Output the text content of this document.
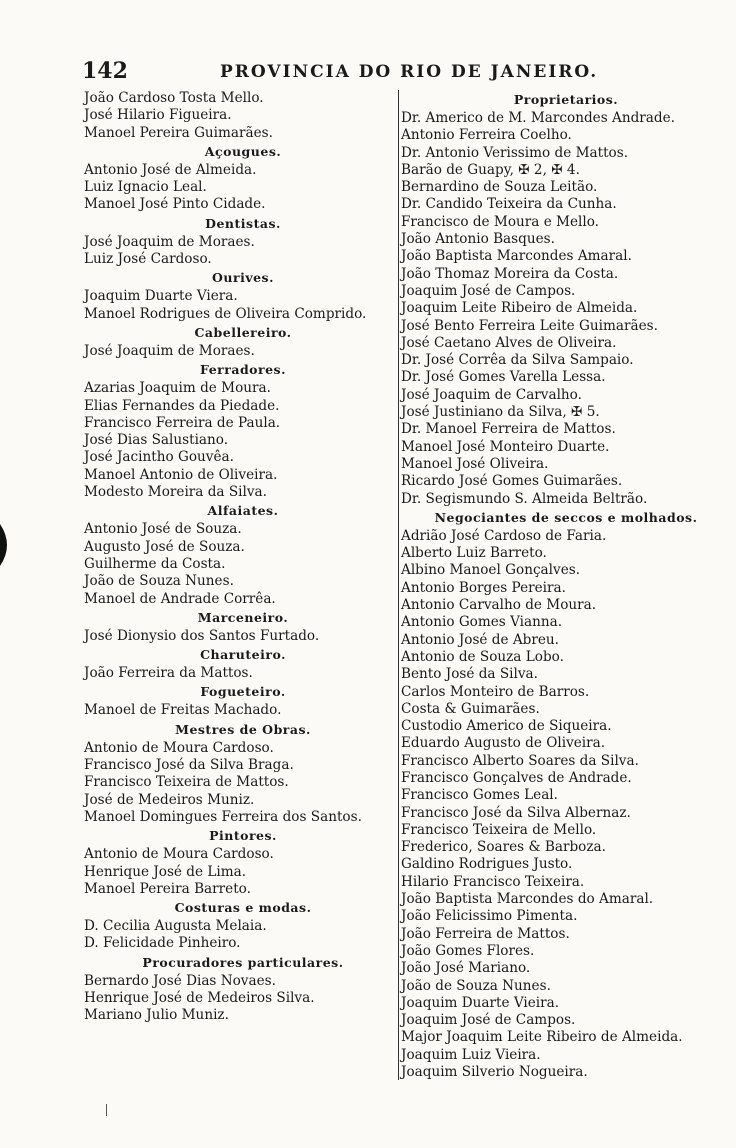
142	PROVINCIA DO RIO DE JANEIRO.
João Cardoso Tosta Mello.
José Hilario Figueira.
Manoel Pereira Guimarães.
Açougues.
Antonio José de Almeida.
Luiz Ignacio Leal.
Manoel José Pinto Cidade.
Dentistas.
José Joaquim de Moraes.
Luiz José Cardoso.
Ourives.
Joaquim Duarte Viera.
Manoel Rodrigues de Oliveira Comprido.
Cabellereiro.
José Joaquim de Moraes.
Ferradores.
Azarias Joaquim de Moura.
Elias Fernandes da Piedade.
Francisco Ferreira de Paula.
José Dias Salustiano.
José Jacintho Gouvêa.
Manoel Antonio de Oliveira.
Modesto Moreira da Silva.
Alfaiates.
Antonio José de Souza.
Augusto José de Souza.
Guilherme da Costa.
João de Souza Nunes.
Manoel de Andrade Corrêa.
Marceneiro.
José Dionysio dos Santos Furtado.
Charuteiro.
João Ferreira da Mattos.
Fogueteiro.
Manoel de Freitas Machado.
Mestres de Obras.
Antonio de Moura Cardoso.
Francisco José da Silva Braga.
Francisco Teixeira de Mattos.
José de Medeiros Muniz.
Manoel Domingues Ferreira dos Santos.
Pintores.
Antonio de Moura Cardoso.
Henrique José de Lima.
Manoel Pereira Barreto.
Costuras e modas.
D. Cecilia Augusta Melaia.
D. Felicidade Pinheiro.
Procuradores particulares.
Bernardo José Dias Novaes.
Henrique José de Medeiros Silva.
Mariano Julio Muniz.
Proprietarios.
Dr. Americo de M. Marcondes Andrade.
Antonio Ferreira Coelho.
Dr. Antonio Verissimo de Mattos.
Barão de Guapy, ✠ 2, ✠ 4.
Bernardino de Souza Leitão.
Dr. Candido Teixeira da Cunha.
Francisco de Moura e Mello.
João Antonio Basques.
João Baptista Marcondes Amaral.
João Thomaz Moreira da Costa.
Joaquim José de Campos.
Joaquim Leite Ribeiro de Almeida.
José Bento Ferreira Leite Guimarães.
José Caetano Alves de Oliveira.
Dr. José Corrêa da Silva Sampaio.
Dr. José Gomes Varella Lessa.
José Joaquim de Carvalho.
José Justiniano da Silva, ✠ 5.
Dr. Manoel Ferreira de Mattos.
Manoel José Monteiro Duarte.
Manoel José Oliveira.
Ricardo José Gomes Guimarães.
Dr. Segismundo S. Almeida Beltrão.
Negociantes de seccos e molhados.
Adrião José Cardoso de Faria.
Alberto Luiz Barreto.
Albino Manoel Gonçalves.
Antonio Borges Pereira.
Antonio Carvalho de Moura.
Antonio Gomes Vianna.
Antonio José de Abreu.
Antonio de Souza Lobo.
Bento José da Silva.
Carlos Monteiro de Barros.
Costa & Guimarães.
Custodio Americo de Siqueira.
Eduardo Augusto de Oliveira.
Francisco Alberto Soares da Silva.
Francisco Gonçalves de Andrade.
Francisco Gomes Leal.
Francisco José da Silva Albernaz.
Francisco Teixeira de Mello.
Frederico, Soares & Barboza.
Galdino Rodrigues Justo.
Hilario Francisco Teixeira.
João Baptista Marcondes do Amaral.
João Felicissimo Pimenta.
João Ferreira de Mattos.
João Gomes Flores.
João José Mariano.
João de Souza Nunes.
Joaquim Duarte Vieira.
Joaquim José de Campos.
Major Joaquim Leite Ribeiro de Almeida.
Joaquim Luiz Vieira.
Joaquim Silverio Nogueira.
